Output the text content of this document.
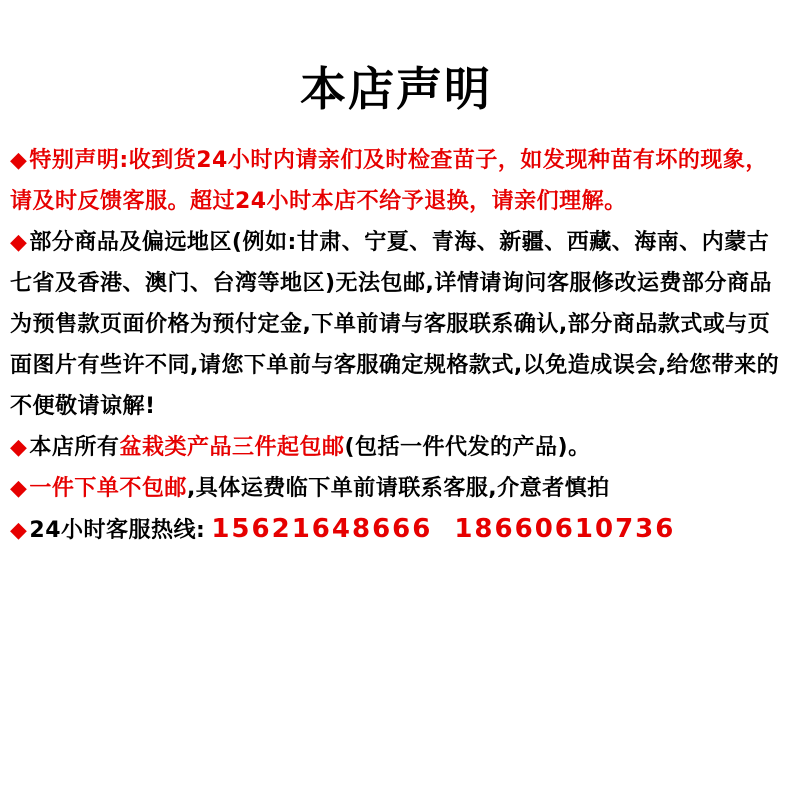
本店声明

◆特别声明:收到货24小时内请亲们及时检查苗子，如发现种苗有坏的现象，请及时反馈客服。超过24小时本店不给予退换，请亲们理解。

◆部分商品及偏远地区(例如:甘肃、宁夏、青海、新疆、西藏、海南、内蒙古七省及香港、澳门、台湾等地区)无法包邮,详情请询问客服修改运费部分商品为预售款页面价格为预付定金,下单前请与客服联系确认,部分商品款式或与页面图片有些许不同,请您下单前与客服确定规格款式,以免造成误会,给您带来的不便敬请谅解!

◆本店所有盆栽类产品三件起包邮(包括一件代发的产品)。

◆一件下单不包邮,具体运费临下单前请联系客服,介意者慎拍

◆24小时客服热线: 15621648666 18660610736
